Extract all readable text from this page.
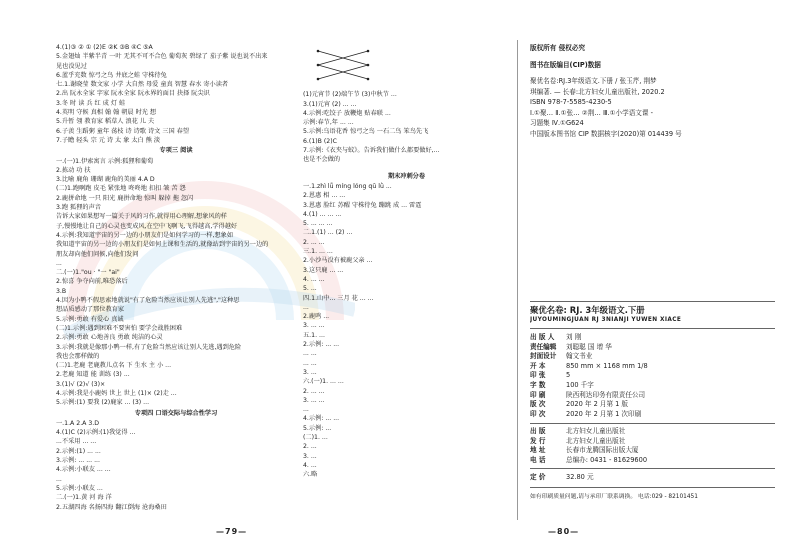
4.(1)③ ② ① (2)E ②K ③B ④C ⑤A

5.金翅灿 半紫半青 一叶 无其不可不合色 葡萄灰 碧绿了 茄子紫 说也说不出来

见也没见过

6.蓝乎充数 惊弓之鸟 井底之蛙 守株待兔

七.1.谢晓莹 数文家 小学 大自然 母爱 童真 智慧 春水 寄小读者

2.出 阮永全家 字家 阮永全家 阮永界的面目 抉择 阮尖识

3.冬 时 读 兵 红 成 灯 蛙

4.英明 守候 真相 翰 翰 朝晨 时光 想

5.升暂 翎 教育家 稻草人 浪花 儿 夫

6.子羡 生蹈粥 童年 荡枝 诗 诗歌 诗文 三国 春望

7.子瞻 轻头 宗 元 诗 太 象 太白 熊 淡

专项三 阅读

一.(一)1.伊索寓言 示例:狐狸和葡萄

2.拣动 功 扶

3.比喻 鹿角 珊瑚 鹿角的美丽 4.A D

(二)1.跑啊跑 皮毛 紧张地 咚咚地 扣扣 皱 苦 怨

2.鹿拼命地 一只 阳光 鹿拼命地 惊叫 躲掉 拖 忽闪

3.跑 狐狸的声音

告诉大家如果想写一篇关于风的习作,就得用心理解,想象风的样

子,慢慢地让自己的心灵也变成风,在空中飞啊飞,飞得越高,学得越好

4.示例:我知道宇宙的另一边的小朋友们是如何学习的一样,想象如

我知道宇宙的另一边的小朋友们是如何上课和生活的,就像站到宇宙的另一边的

朋友却向他们问候,向他们发问

...

二.(一)1."ou · "一 "ai"

2.惊喜 争夺向前,唯恐落后

3.B

4.因为小鸭不假思索地就说"有了危险当然应该让别人先逃","这种思

想品质感动了那位教育家

5.示例:勇敢 有爱心 真诚

(二)1.示例:遇到困难不要害怕 要学会战胜困难

2.示例:勇敢 心地善良 勇敢 纯洁的心灵

3.示例:我就是像那小鸭一样,有了危险当然应该让别人先逃,遇到危险

我也会那样做的

(二)1.老鹿 老鹿教儿点名 下 生水 主 小 ...

2.老鹿 知道 能 训练 (3) ...

3.(1)√ (2)√ (3)×

4.示例:我是小鹿妈 世上 世上 (1)× (2)走 ...

5.示例:(1) 要我 (2)鹿家 ... (3) ...

专项四 口语交际与综合性学习

一.1.A 2.A 3.D

4.(1)C (2)示例:(1)我觉得 ...

...不采用 ... ...

2.示例:(1) ... ...

3.示例: ... ... ...

4.示例:小联友 ... ...

...

5.示例:小联友 ...

二.(一)1.黄 河 海 洋

2.五湖四海 名扬四海 翻江倒海 沧海桑田

(1)元宵节 (2)端午节 (3)中秋节 ...

3.(1)元宵 (2) ... ...

4.示例:吃饺子 放鞭炮 贴春联 ...

示例:春节,年 ... ...

5.示例:乌语花香 惊弓之鸟 一石二鸟 笨鸟先飞

6.(1)B (2)C

7.示例:《衣夹与蚊》。告诉我们做什么都要做好,...

也是不会做的

期末冲刺分卷

一.1.zhì lǚ míng lóng qū lǜ ...

2.恩惠 相 ... ...

3.恩惠 脸红 苏醒 守株待兔 蹦跳 成 ... 雷霆

4.(1) ... ... ...

5. ... ... ...

二.1.(1) ... (2) ...

2. ... ...

三.1. ... ...

2.小沙马没有被鹿父亲 ...

3.这只鹿 ... ...

4. ... ...

5. ...

四.1.山中... 三月 花 ... ...

...

2.鹿鸣 ...

3. ... ...

五.1. ...

2.示例: ... ...

... ...

... ...

3. ...

六.(一)1. ... ...

2. ... ...

3. ... ...

...

4.示例: ... ...

5.示例: ...

(二)1. ...

2. ...

3. ...

4. ...

六.略

版权所有 侵权必究

图书在版编目(CIP)数据

聚优名卷:RJ.3年级语文.下册 / 张玉芹, 荆梦

琪编著. — 长春:北方妇女儿童出版社, 2020.2

ISBN 978-7-5585-4230-5

Ⅰ.①聚… Ⅱ.①张… ②荆… Ⅲ.①小学语文课 -

习题集 Ⅳ.①G624

中国版本图书馆 CIP 数据核字(2020)第 014439 号

聚优名卷: RJ. 3年级语文.下册

JUYOUMINGJUAN RJ 3NIANJI YUWEN XIACE

出 版 人	刘 刚
责任编辑	刘聪聪 国 增 华
封面设计	翰文书业
开 本	850 mm × 1168 mm 1/8
印 张	5
字 数	100 千字
印 刷	陕西利达印务有限责任公司
版 次	2020 年 2 月第 1 版
印 次	2020 年 2 月第 1 次印刷
出 版	北方妇女儿童出版社
发 行	北方妇女儿童出版社
地 址	长春市龙腾国际出版大厦
电 话	总编办: 0431 - 81629600
定 价	32.80 元

如有印刷质量问题,请与承印厂联系调换。 电话:029 - 82101451

—79—	—80—
